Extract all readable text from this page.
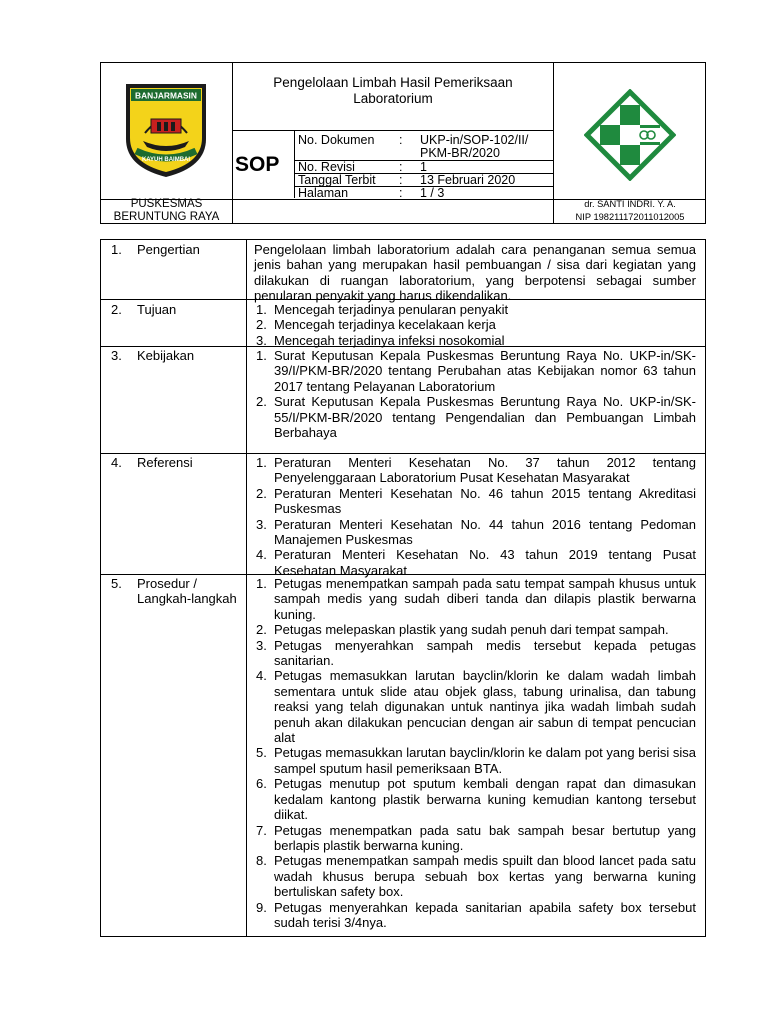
BANJARMASIN
KAYUH BAIMBAI
Pengelolaan Limbah Hasil Pemeriksaan
Laboratorium
SOP
No. Dokumen : UKP-in/SOP-102/II/
PKM-BR/2020
No. Revisi	: 1
Tanggal Terbit : 13 Februari 2020
Halaman	: 1 / 3
PUSKESMAS
BERUNTUNG RAYA
dr. SANTI INDRI. Y. A.
NIP 198211172011012005
1. Pengertian	Pengelolaan limbah laboratorium adalah cara penanganan semua semua jenis bahan yang merupakan hasil pembuangan / sisa dari kegiatan yang dilakukan di ruangan laboratorium, yang berpotensi sebagai sumber penularan penyakit yang harus dikendalikan.

2. Tujuan	1. Mencegah terjadinya penularan penyakit
2. Mencegah terjadinya kecelakaan kerja
3. Mencegah terjadinya infeksi nosokomial
3. Kebijakan	1. Surat Keputusan Kepala Puskesmas Beruntung Raya No. UKP-in/SK-39/I/PKM-BR/2020 tentang Perubahan atas Kebijakan nomor 63 tahun 2017 tentang Pelayanan Laboratorium
2. Surat Keputusan Kepala Puskesmas Beruntung Raya No. UKP-in/SK-55/I/PKM-BR/2020 tentang Pengendalian dan Pembuangan Limbah Berbahaya
4. Referensi	1. Peraturan Menteri Kesehatan No. 37 tahun 2012 tentang Penyelenggaraan Laboratorium Pusat Kesehatan Masyarakat
2. Peraturan Menteri Kesehatan No. 46 tahun 2015 tentang Akreditasi Puskesmas
3. Peraturan Menteri Kesehatan No. 44 tahun 2016 tentang Pedoman Manajemen Puskesmas
4. Peraturan Menteri Kesehatan No. 43 tahun 2019 tentang Pusat Kesehatan Masyarakat
5. Prosedur / Langkah-langkah
1. Petugas menempatkan sampah pada satu tempat sampah khusus untuk sampah medis yang sudah diberi tanda dan dilapis plastik berwarna kuning.
2. Petugas melepaskan plastik yang sudah penuh dari tempat sampah.
3. Petugas menyerahkan sampah medis tersebut kepada petugas sanitarian.
4. Petugas memasukkan larutan bayclin/klorin ke dalam wadah limbah sementara untuk slide atau objek glass, tabung urinalisa, dan tabung reaksi yang telah digunakan untuk nantinya jika wadah limbah sudah penuh akan dilakukan pencucian dengan air sabun di tempat pencucian alat
5. Petugas memasukkan larutan bayclin/klorin ke dalam pot yang berisi sisa sampel sputum hasil pemeriksaan BTA.
6. Petugas menutup pot sputum kembali dengan rapat dan dimasukan kedalam kantong plastik berwarna kuning kemudian kantong tersebut diikat.
7. Petugas menempatkan pada satu bak sampah besar bertutup yang berlapis plastik berwarna kuning.
8. Petugas menempatkan sampah medis spuilt dan blood lancet pada satu wadah khusus berupa sebuah box kertas yang berwarna kuning bertuliskan safety box.
9. Petugas menyerahkan kepada sanitarian apabila safety box tersebut sudah terisi 3/4nya.
